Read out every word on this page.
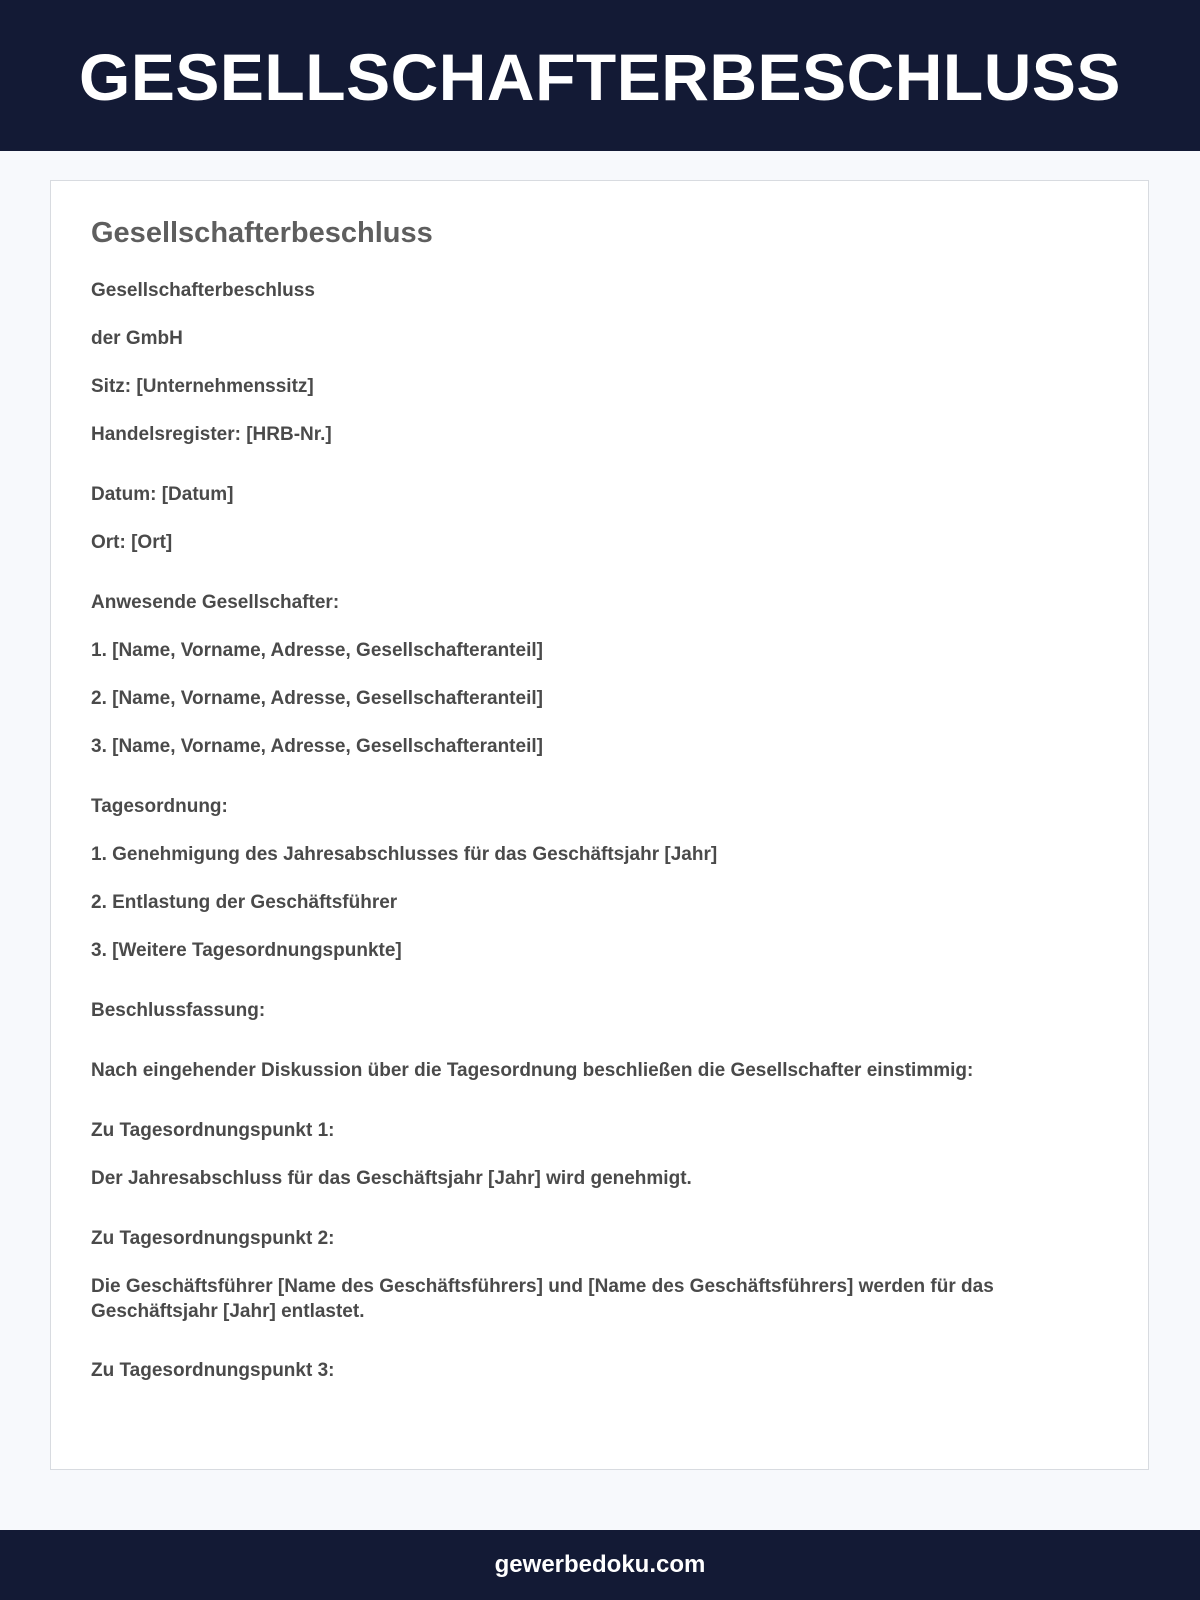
GESELLSCHAFTERBESCHLUSS
Gesellschafterbeschluss

Gesellschafterbeschluss

der GmbH

Sitz: [Unternehmenssitz]

Handelsregister: [HRB-Nr.]

Datum: [Datum]

Ort: [Ort]

Anwesende Gesellschafter:

1. [Name, Vorname, Adresse, Gesellschafteranteil]

2. [Name, Vorname, Adresse, Gesellschafteranteil]

3. [Name, Vorname, Adresse, Gesellschafteranteil]

Tagesordnung:

1. Genehmigung des Jahresabschlusses für das Geschäftsjahr [Jahr]

2. Entlastung der Geschäftsführer

3. [Weitere Tagesordnungspunkte]

Beschlussfassung:

Nach eingehender Diskussion über die Tagesordnung beschließen die Gesellschafter einstimmig:

Zu Tagesordnungspunkt 1:

Der Jahresabschluss für das Geschäftsjahr [Jahr] wird genehmigt.

Zu Tagesordnungspunkt 2:

Die Geschäftsführer [Name des Geschäftsführers] und [Name des Geschäftsführers] werden für das Geschäftsjahr [Jahr] entlastet.

Zu Tagesordnungspunkt 3:

gewerbedoku.com
